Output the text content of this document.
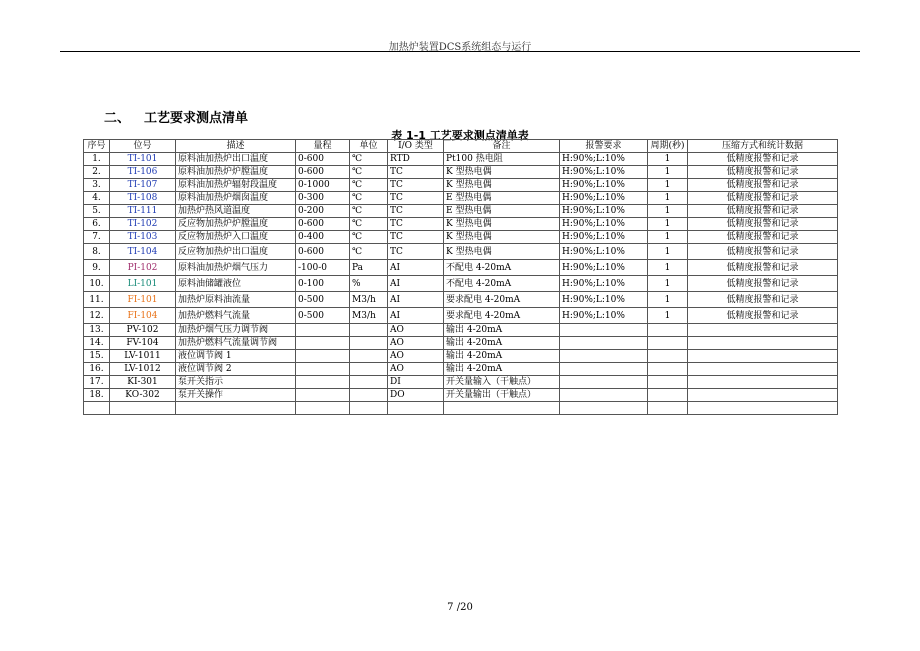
加热炉装置DCS系统组态与运行
二、 工艺要求测点清单
表 1-1 工艺要求测点清单表
序号	位号	描述	量程	单位	I/O 类型	备注	报警要求	周期(秒)	压缩方式和统计数据
1.	TI-101	原料油加热炉出口温度	0-600	℃	RTD	Pt100 热电阻	H:90%;L:10%	1	低精度报警和记录
2.	TI-106	原料油加热炉炉膛温度	0-600	℃	TC	K 型热电偶	H:90%;L:10%	1	低精度报警和记录
3.	TI-107	原料油加热炉辐射段温度	0-1000	℃	TC	K 型热电偶	H:90%;L:10%	1	低精度报警和记录
4.	TI-108	原料油加热炉烟囱温度	0-300	℃	TC	E 型热电偶	H:90%;L:10%	1	低精度报警和记录
5.	TI-111	加热炉热风道温度	0-200	℃	TC	E 型热电偶	H:90%;L:10%	1	低精度报警和记录
6.	TI-102	反应物加热炉炉膛温度	0-600	℃	TC	K 型热电偶	H:90%;L:10%	1	低精度报警和记录
7.	TI-103	反应物加热炉入口温度	0-400	℃	TC	K 型热电偶	H:90%;L:10%	1	低精度报警和记录
8.	TI-104	反应物加热炉出口温度	0-600	℃	TC	K 型热电偶	H:90%;L:10%	1	低精度报警和记录
9.	PI-102	原料油加热炉烟气压力	-100-0	Pa	AI	不配电 4-20mA	H:90%;L:10%	1	低精度报警和记录
10.	LI-101	原料油储罐液位	0-100	%	AI	不配电 4-20mA	H:90%;L:10%	1	低精度报警和记录
11.	FI-101	加热炉原料油流量	0-500	M3/h	AI	要求配电 4-20mA	H:90%;L:10%	1	低精度报警和记录
12.	FI-104	加热炉燃料气流量	0-500	M3/h	AI	要求配电 4-20mA	H:90%;L:10%	1	低精度报警和记录
13.	PV-102	加热炉烟气压力调节阀			AO	输出 4-20mA			
14.	FV-104	加热炉燃料气流量调节阀			AO	输出 4-20mA			
15.	LV-1011	液位调节阀 1			AO	输出 4-20mA			
16.	LV-1012	液位调节阀 2			AO	输出 4-20mA			
17.	KI-301	泵开关指示			DI	开关量输入（干触点）			
18.	KO-302	泵开关操作			DO	开关量输出（干触点）			

7 /20
